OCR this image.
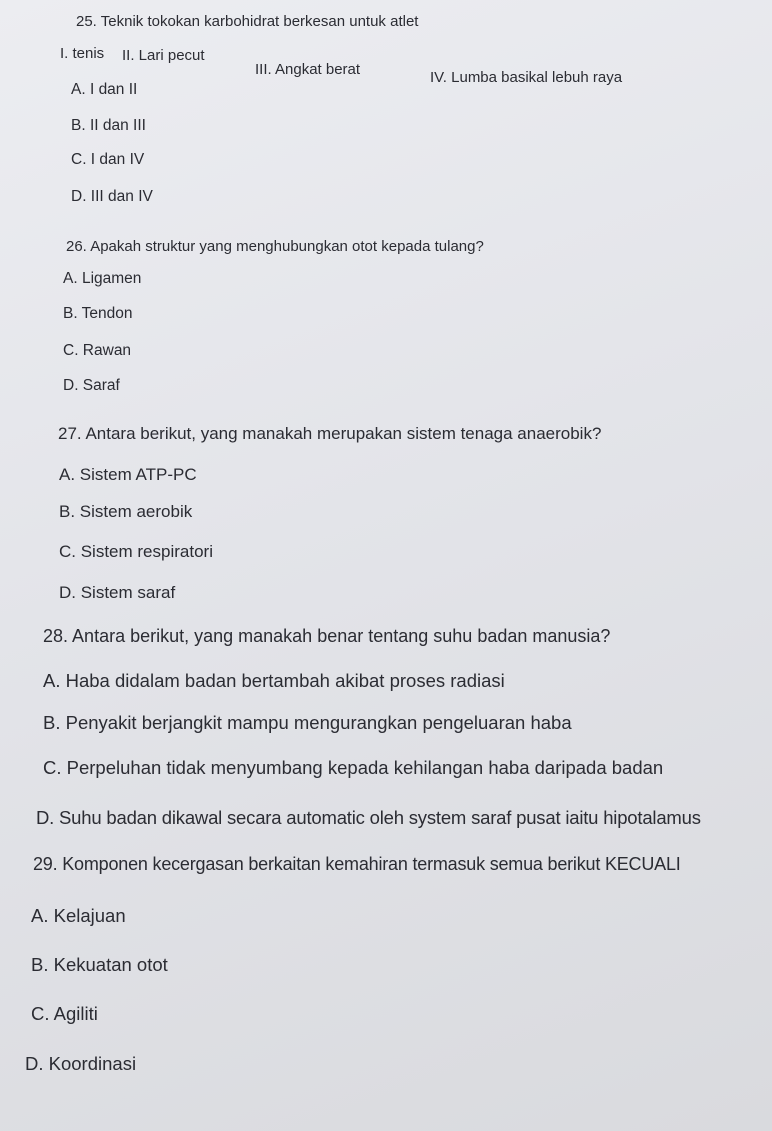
25. Teknik tokokan karbohidrat berkesan untuk atlet

I. tenis II. Lari pecut

III. Angkat berat	IV. Lumba basikal lebuh raya

A. I dan II

B. II dan III

C. I dan IV

D. III dan IV

26. Apakah struktur yang menghubungkan otot kepada tulang?

A. Ligamen

B. Tendon

C. Rawan

D. Saraf

27. Antara berikut, yang manakah merupakan sistem tenaga anaerobik?

A. Sistem ATP-PC

B. Sistem aerobik

C. Sistem respiratori

D. Sistem saraf

28. Antara berikut, yang manakah benar tentang suhu badan manusia?

A. Haba didalam badan bertambah akibat proses radiasi

B. Penyakit berjangkit mampu mengurangkan pengeluaran haba

C. Perpeluhan tidak menyumbang kepada kehilangan haba daripada badan

D. Suhu badan dikawal secara automatic oleh system saraf pusat iaitu hipotalamus

29. Komponen kecergasan berkaitan kemahiran termasuk semua berikut KECUALI

A. Kelajuan

B. Kekuatan otot

C. Agiliti

D. Koordinasi
